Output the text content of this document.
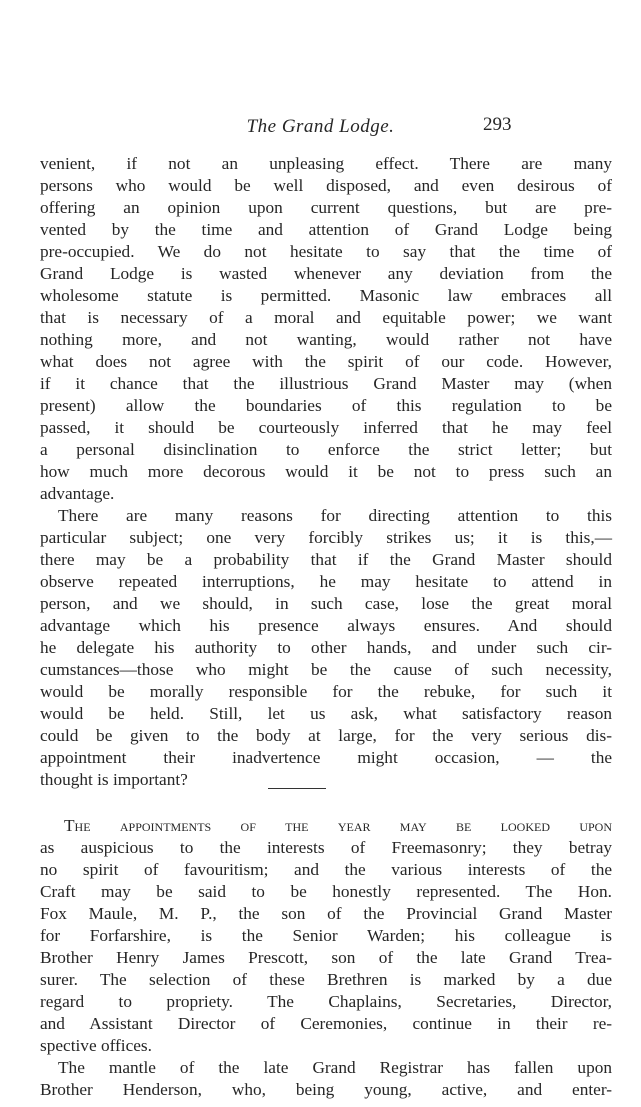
The Grand Lodge.	293
venient, if not an unpleasing effect. There are many
persons who would be well disposed, and even desirous of
offering an opinion upon current questions, but are pre-
vented by the time and attention of Grand Lodge being
pre-occupied. We do not hesitate to say that the time of
Grand Lodge is wasted whenever any deviation from the
wholesome statute is permitted. Masonic law embraces all
that is necessary of a moral and equitable power; we want
nothing more, and not wanting, would rather not have
what does not agree with the spirit of our code. However,
if it chance that the illustrious Grand Master may (when
present) allow the boundaries of this regulation to be
passed, it should be courteously inferred that he may feel
a personal disinclination to enforce the strict letter; but
how much more decorous would it be not to press such an
advantage.
There are many reasons for directing attention to this
particular subject; one very forcibly strikes us; it is this,—
there may be a probability that if the Grand Master should
observe repeated interruptions, he may hesitate to attend in
person, and we should, in such case, lose the great moral
advantage which his presence always ensures. And should
he delegate his authority to other hands, and under such cir-
cumstances—those who might be the cause of such necessity,
would be morally responsible for the rebuke, for such it
would be held. Still, let us ask, what satisfactory reason
could be given to the body at large, for the very serious dis-
appointment their inadvertence might occasion, — the
thought is important?
The appointments of the year may be looked upon
as auspicious to the interests of Freemasonry; they betray
no spirit of favouritism; and the various interests of the
Craft may be said to be honestly represented. The Hon.
Fox Maule, M. P., the son of the Provincial Grand Master
for Forfarshire, is the Senior Warden; his colleague is
Brother Henry James Prescott, son of the late Grand Trea-
surer. The selection of these Brethren is marked by a due
regard to propriety. The Chaplains, Secretaries, Director,
and Assistant Director of Ceremonies, continue in their re-
spective offices.
The mantle of the late Grand Registrar has fallen upon
Brother Henderson, who, being young, active, and enter-
